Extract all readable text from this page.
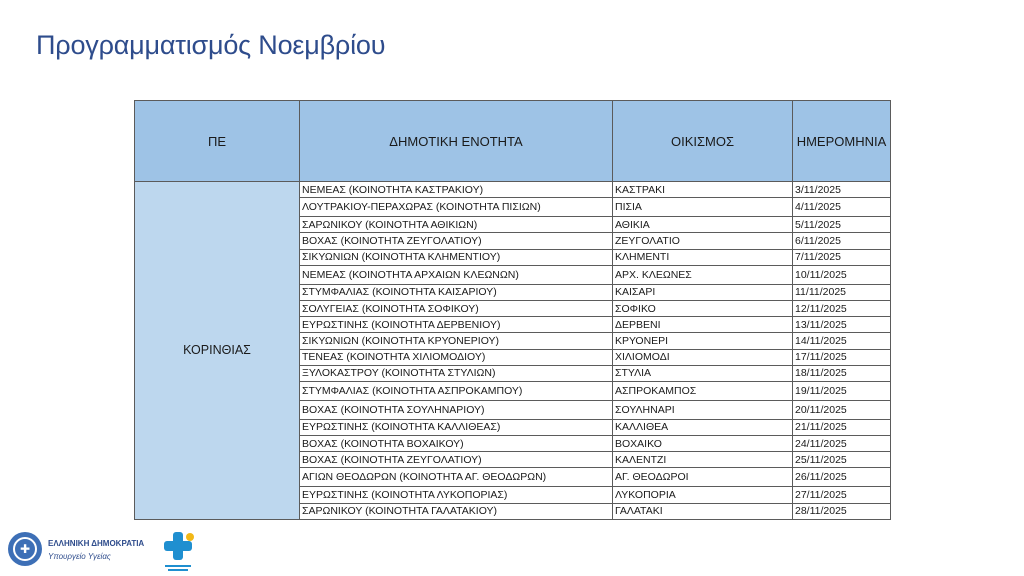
Προγραμματισμός Νοεμβρίου
ΠΕ	ΔΗΜΟΤΙΚΗ ΕΝΟΤΗΤΑ	ΟΙΚΙΣΜΟΣ	ΗΜΕΡΟΜΗΝΙΑ
ΚΟΡΙΝΘΙΑΣ	ΝΕΜΕΑΣ (ΚΟΙΝΟΤΗΤΑ ΚΑΣΤΡΑΚΙΟΥ)	ΚΑΣΤΡΑΚΙ	3/11/2025
	ΛΟΥΤΡΑΚΙΟΥ-ΠΕΡΑΧΩΡΑΣ (ΚΟΙΝΟΤΗΤΑ ΠΙΣΙΩΝ)	ΠΙΣΙΑ	4/11/2025
	ΣΑΡΩΝΙΚΟΥ (ΚΟΙΝΟΤΗΤΑ ΑΘΙΚΙΩΝ)	ΑΘΙΚΙΑ	5/11/2025
	ΒΟΧΑΣ (ΚΟΙΝΟΤΗΤΑ ΖΕΥΓΟΛΑΤΙΟΥ)	ΖΕΥΓΟΛΑΤΙΟ	6/11/2025
	ΣΙΚΥΩΝΙΩΝ (ΚΟΙΝΟΤΗΤΑ ΚΛΗΜΕΝΤΙΟΥ)	ΚΛΗΜΕΝΤΙ	7/11/2025
	ΝΕΜΕΑΣ (ΚΟΙΝΟΤΗΤΑ ΑΡΧΑΙΩΝ ΚΛΕΩΝΩΝ)	ΑΡΧ. ΚΛΕΩΝΕΣ	10/11/2025
	ΣΤΥΜΦΑΛΙΑΣ (ΚΟΙΝΟΤΗΤΑ ΚΑΙΣΑΡΙΟΥ)	ΚΑΙΣΑΡΙ	11/11/2025
	ΣΟΛΥΓΕΙΑΣ (ΚΟΙΝΟΤΗΤΑ ΣΟΦΙΚΟΥ)	ΣΟΦΙΚΟ	12/11/2025
	ΕΥΡΩΣΤΙΝΗΣ (ΚΟΙΝΟΤΗΤΑ ΔΕΡΒΕΝΙΟΥ)	ΔΕΡΒΕΝΙ	13/11/2025
	ΣΙΚΥΩΝΙΩΝ (ΚΟΙΝΟΤΗΤΑ ΚΡΥΟΝΕΡΙΟΥ)	ΚΡΥΟΝΕΡΙ	14/11/2025
	ΤΕΝΕΑΣ (ΚΟΙΝΟΤΗΤΑ ΧΙΛΙΟΜΟΔΙΟΥ)	ΧΙΛΙΟΜΟΔΙ	17/11/2025
	ΞΥΛΟΚΑΣΤΡΟΥ (ΚΟΙΝΟΤΗΤΑ ΣΤΥΛΙΩΝ)	ΣΤΥΛΙΑ	18/11/2025
	ΣΤΥΜΦΑΛΙΑΣ (ΚΟΙΝΟΤΗΤΑ ΑΣΠΡΟΚΑΜΠΟΥ)	ΑΣΠΡΟΚΑΜΠΟΣ	19/11/2025
	ΒΟΧΑΣ (ΚΟΙΝΟΤΗΤΑ ΣΟΥΛΗΝΑΡΙΟΥ)	ΣΟΥΛΗΝΑΡΙ	20/11/2025
	ΕΥΡΩΣΤΙΝΗΣ (ΚΟΙΝΟΤΗΤΑ ΚΑΛΛΙΘΕΑΣ)	ΚΑΛΛΙΘΕΑ	21/11/2025
	ΒΟΧΑΣ (ΚΟΙΝΟΤΗΤΑ ΒΟΧΑΙΚΟΥ)	ΒΟΧΑΙΚΟ	24/11/2025
	ΒΟΧΑΣ (ΚΟΙΝΟΤΗΤΑ ΖΕΥΓΟΛΑΤΙΟΥ)	ΚΑΛΕΝΤΖΙ	25/11/2025
	ΑΓΙΩΝ ΘΕΟΔΩΡΩΝ (ΚΟΙΝΟΤΗΤΑ ΑΓ. ΘΕΟΔΩΡΩΝ)	ΑΓ. ΘΕΟΔΩΡΟΙ	26/11/2025
	ΕΥΡΩΣΤΙΝΗΣ (ΚΟΙΝΟΤΗΤΑ ΛΥΚΟΠΟΡΙΑΣ)	ΛΥΚΟΠΟΡΙΑ	27/11/2025
	ΣΑΡΩΝΙΚΟΥ (ΚΟΙΝΟΤΗΤΑ ΓΑΛΑΤΑΚΙΟΥ)	ΓΑΛΑΤΑΚΙ	28/11/2025
✚	ΕΛΛΗΝΙΚΗ ΔΗΜΟΚΡΑΤΙΑ
Υπουργείο Υγείας
